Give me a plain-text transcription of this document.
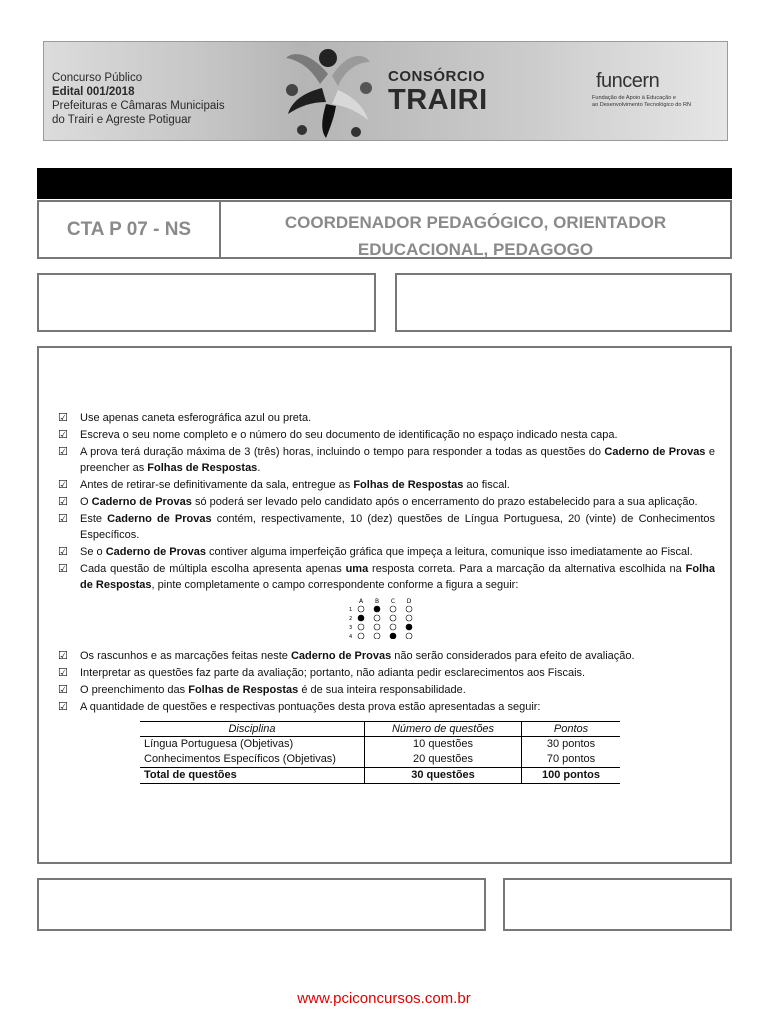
Concurso Público
Edital 001/2018
Prefeituras e Câmaras Municipais
do Trairi e Agreste Potiguar
CONSÓRCIO
TRAIRI
funcern
Fundação de Apoio à Educação e
ao Desenvolvimento Tecnológico do RN
CTA P 07 - NS	COORDENADOR PEDAGÓGICO, ORIENTADOR
EDUCACIONAL, PEDAGOGO
☑	Use apenas caneta esferográfica azul ou preta.
☑	Escreva o seu nome completo e o número do seu documento de identificação no espaço indicado nesta capa.
☑	A prova terá duração máxima de 3 (três) horas, incluindo o tempo para responder a todas as questões do Caderno de Provas e preencher as Folhas de Respostas.
☑	Antes de retirar-se definitivamente da sala, entregue as Folhas de Respostas ao fiscal.
☑	O Caderno de Provas só poderá ser levado pelo candidato após o encerramento do prazo estabelecido para a sua aplicação.
☑	Este Caderno de Provas contém, respectivamente, 10 (dez) questões de Língua Portuguesa, 20 (vinte) de Conhecimentos Específicos.
☑	Se o Caderno de Provas contiver alguma imperfeição gráfica que impeça a leitura, comunique isso imediatamente ao Fiscal.
☑	Cada questão de múltipla escolha apresenta apenas uma resposta correta. Para a marcação da alternativa escolhida na Folha de Respostas, pinte completamente o campo correspondente conforme a figura a seguir:
A B C D
1
2
3
4
☑	Os rascunhos e as marcações feitas neste Caderno de Provas não serão considerados para efeito de avaliação.
☑	Interpretar as questões faz parte da avaliação; portanto, não adianta pedir esclarecimentos aos Fiscais.
☑	O preenchimento das Folhas de Respostas é de sua inteira responsabilidade.
☑	A quantidade de questões e respectivas pontuações desta prova estão apresentadas a seguir:
Disciplina	Número de questões	Pontos
Língua Portuguesa (Objetivas)	10 questões	30 pontos
Conhecimentos Específicos (Objetivas)	20 questões	70 pontos
Total de questões	30 questões	100 pontos
www.pciconcursos.com.br
